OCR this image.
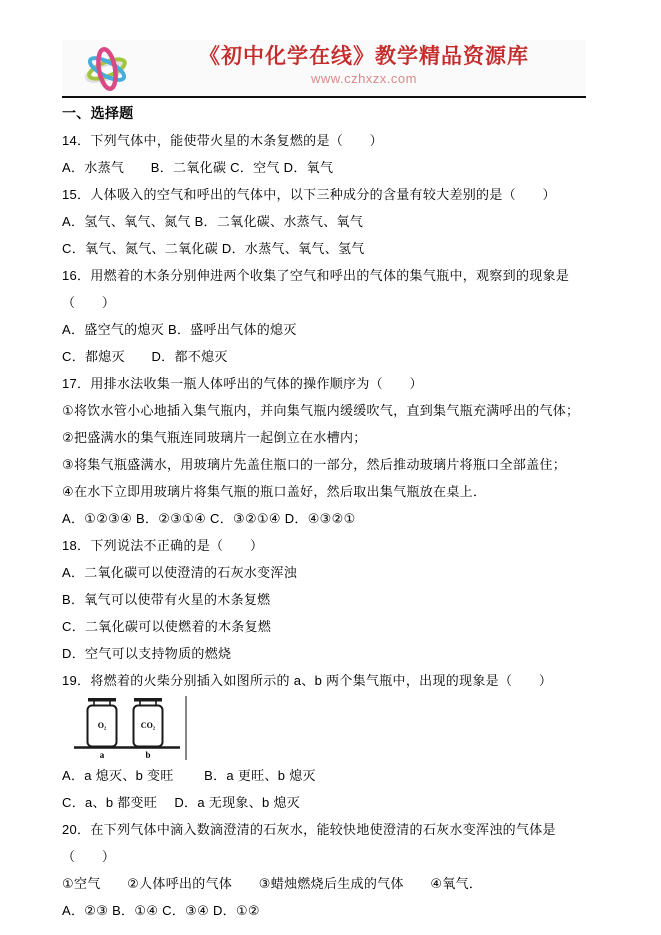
《初中化学在线》教学精品资源库
www.czhxzx.com
一、选择题
14．下列气体中，能使带火星的木条复燃的是（　　）
A．水蒸气　　B．二氧化碳 C．空气 D．氧气
15．人体吸入的空气和呼出的气体中，以下三种成分的含量有较大差别的是（　　）
A．氢气、氧气、氮气 B．二氧化碳、水蒸气、氧气
C．氧气、氮气、二氧化碳 D．水蒸气、氧气、氢气
16．用燃着的木条分别伸进两个收集了空气和呼出的气体的集气瓶中，观察到的现象是（　　）
A．盛空气的熄灭 B．盛呼出气体的熄灭
C．都熄灭　　D．都不熄灭
17．用排水法收集一瓶人体呼出的气体的操作顺序为（　　）
①将饮水管小心地插入集气瓶内，并向集气瓶内缓缓吹气，直到集气瓶充满呼出的气体；
②把盛满水的集气瓶连同玻璃片一起倒立在水槽内；
③将集气瓶盛满水，用玻璃片先盖住瓶口的一部分，然后推动玻璃片将瓶口全部盖住；
④在水下立即用玻璃片将集气瓶的瓶口盖好，然后取出集气瓶放在桌上．
A．①②③④ B．②③①④ C．③②①④ D．④③②①
18．下列说法不正确的是（　　）
A．二氧化碳可以使澄清的石灰水变浑浊
B．氧气可以使带有火星的木条复燃
C．二氧化碳可以使燃着的木条复燃
D．空气可以支持物质的燃烧
19．将燃着的火柴分别插入如图所示的 a、b 两个集气瓶中，出现的现象是（　　）
O₂	CO₂
a	b
A．a 熄灭、b 变旺　　 B．a 更旺、b 熄灭
C．a、b 都变旺　 D．a 无现象、b 熄灭
20．在下列气体中滴入数滴澄清的石灰水，能较快地使澄清的石灰水变浑浊的气体是（　　）
①空气　　②人体呼出的气体　　③蜡烛燃烧后生成的气体　　④氧气．
A．②③ B．①④ C．③④ D．①②
